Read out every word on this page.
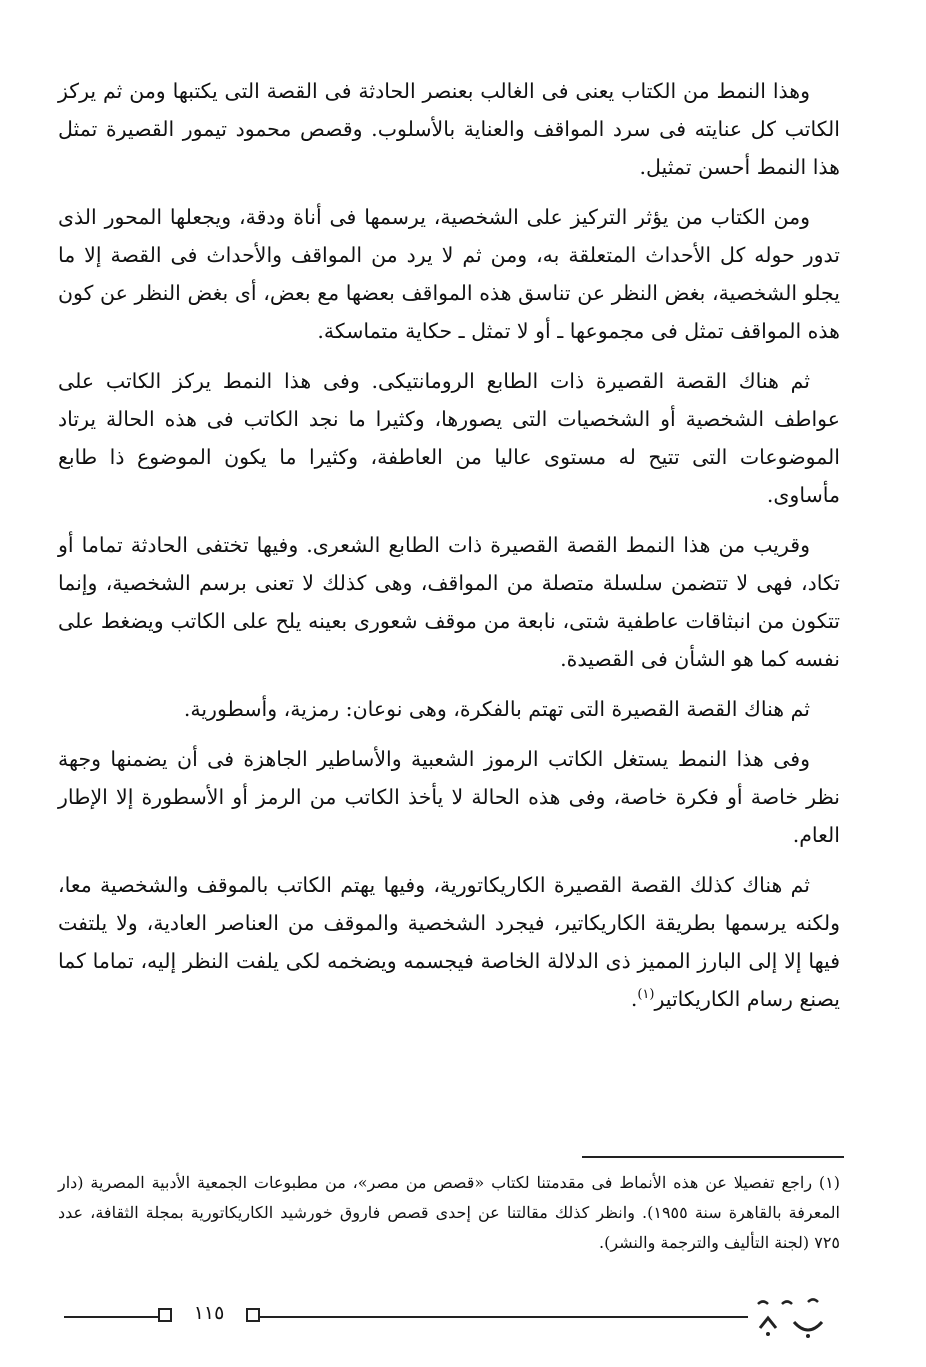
وهذا النمط من الكتاب يعنى فى الغالب بعنصر الحادثة فى القصة التى يكتبها ومن ثم يركز الكاتب كل عنايته فى سرد المواقف والعناية بالأسلوب. وقصص محمود تيمور القصيرة تمثل هذا النمط أحسن تمثيل.

ومن الكتاب من يؤثر التركيز على الشخصية، يرسمها فى أناة ودقة، ويجعلها المحور الذى تدور حوله كل الأحداث المتعلقة به، ومن ثم لا يرد من المواقف والأحداث فى القصة إلا ما يجلو الشخصية، بغض النظر عن تناسق هذه المواقف بعضها مع بعض، أى بغض النظر عن كون هذه المواقف تمثل فى مجموعها ـ أو لا تمثل ـ حكاية متماسكة.

ثم هناك القصة القصيرة ذات الطابع الرومانتيكى. وفى هذا النمط يركز الكاتب على عواطف الشخصية أو الشخصيات التى يصورها، وكثيرا ما نجد الكاتب فى هذه الحالة يرتاد الموضوعات التى تتيح له مستوى عاليا من العاطفة، وكثيرا ما يكون الموضوع ذا طابع مأساوى.

وقريب من هذا النمط القصة القصيرة ذات الطابع الشعرى. وفيها تختفى الحادثة تماما أو تكاد، فهى لا تتضمن سلسلة متصلة من المواقف، وهى كذلك لا تعنى برسم الشخصية، وإنما تتكون من انبثاقات عاطفية شتى، نابعة من موقف شعورى بعينه يلح على الكاتب ويضغط على نفسه كما هو الشأن فى القصيدة.

ثم هناك القصة القصيرة التى تهتم بالفكرة، وهى نوعان: رمزية، وأسطورية.

وفى هذا النمط يستغل الكاتب الرموز الشعبية والأساطير الجاهزة فى أن يضمنها وجهة نظر خاصة أو فكرة خاصة، وفى هذه الحالة لا يأخذ الكاتب من الرمز أو الأسطورة إلا الإطار العام.

ثم هناك كذلك القصة القصيرة الكاريكاتورية، وفيها يهتم الكاتب بالموقف والشخصية معا، ولكنه يرسمها بطريقة الكاريكاتير، فيجرد الشخصية والموقف من العناصر العادية، ولا يلتفت فيها إلا إلى البارز المميز ذى الدلالة الخاصة فيجسمه ويضخمه لكى يلفت النظر إليه، تماما كما يصنع رسام الكاريكاتير$^{(١)}$.

(١) راجع تفصيلا عن هذه الأنماط فى مقدمتنا لكتاب «قصص من مصر»، من مطبوعات الجمعية الأدبية المصرية (دار المعرفة بالقاهرة سنة ١٩٥٥). وانظر كذلك مقالتنا عن إحدى قصص فاروق خورشيد الكاريكاتورية بمجلة الثقافة، عدد ٧٢٥ (لجنة التأليف والترجمة والنشر).

١١٥
